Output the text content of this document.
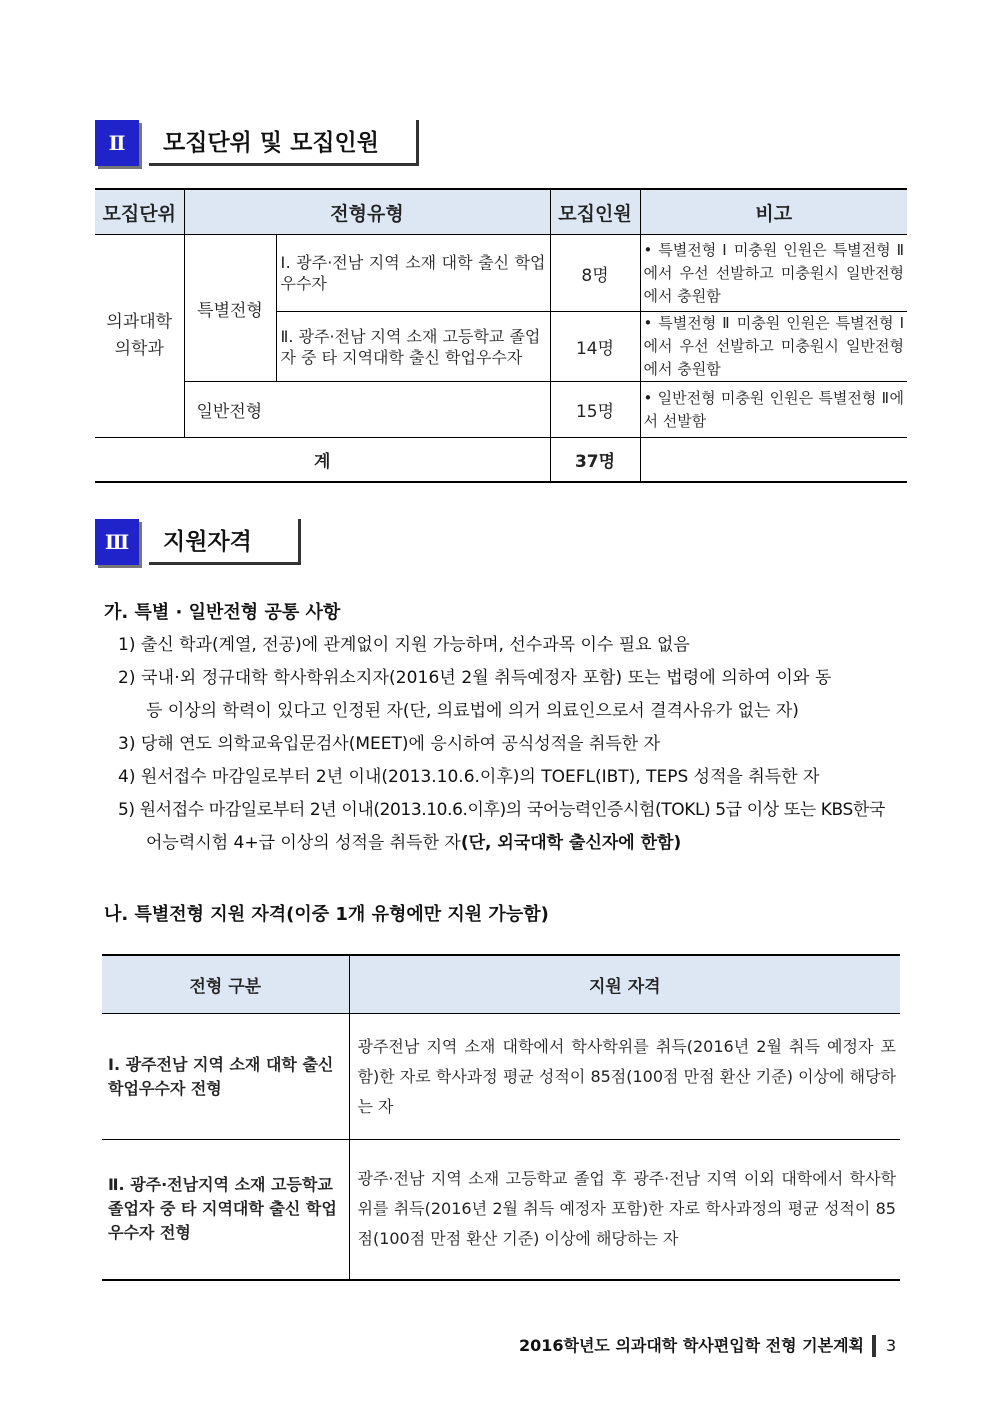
Ⅱ	모집단위 및 모집인원
모집단위	전형유형		모집인원	비고
의과대학
의학과	특별전형	Ⅰ. 광주·전남 지역 소재 대학 출신 학업우수자	8명	• 특별전형 Ⅰ 미충원 인원은 특별전형 Ⅱ에서 우선 선발하고 미충원시 일반전형에서 충원함
		Ⅱ. 광주·전남 지역 소재 고등학교 졸업자 중 타 지역대학 출신 학업우수자	14명	• 특별전형 Ⅱ 미충원 인원은 특별전형 Ⅰ에서 우선 선발하고 미충원시 일반전형에서 충원함
	일반전형		15명	• 일반전형 미충원 인원은 특별전형 Ⅱ에서 선발함
계			37명	
Ⅲ	지원자격
가. 특별 · 일반전형 공통 사항
1) 출신 학과(계열, 전공)에 관계없이 지원 가능하며, 선수과목 이수 필요 없음
2) 국내·외 정규대학 학사학위소지자(2016년 2월 취득예정자 포함) 또는 법령에 의하여 이와 동
등 이상의 학력이 있다고 인정된 자(단, 의료법에 의거 의료인으로서 결격사유가 없는 자)
3) 당해 연도 의학교육입문검사(MEET)에 응시하여 공식성적을 취득한 자
4) 원서접수 마감일로부터 2년 이내(2013.10.6.이후)의 TOEFL(IBT), TEPS 성적을 취득한 자
5) 원서접수 마감일로부터 2년 이내(2013.10.6.이후)의 국어능력인증시험(TOKL) 5급 이상 또는 KBS한국
어능력시험 4+급 이상의 성적을 취득한 자(단, 외국대학 출신자에 한함)
나. 특별전형 지원 자격(이중 1개 유형에만 지원 가능함)
전형 구분	지원 자격
Ⅰ. 광주전남 지역 소재 대학 출신 학업우수자 전형	광주전남 지역 소재 대학에서 학사학위를 취득(2016년 2월 취득 예정자 포함)한 자로 학사과정 평균 성적이 85점(100점 만점 환산 기준) 이상에 해당하는 자
Ⅱ. 광주·전남지역 소재 고등학교 졸업자 중 타 지역대학 출신 학업 우수자 전형	광주·전남 지역 소재 고등학교 졸업 후 광주·전남 지역 이외 대학에서 학사학위를 취득(2016년 2월 취득 예정자 포함)한 자로 학사과정의 평균 성적이 85점(100점 만점 환산 기준) 이상에 해당하는 자
2016학년도 의과대학 학사편입학 전형 기본계획	3
